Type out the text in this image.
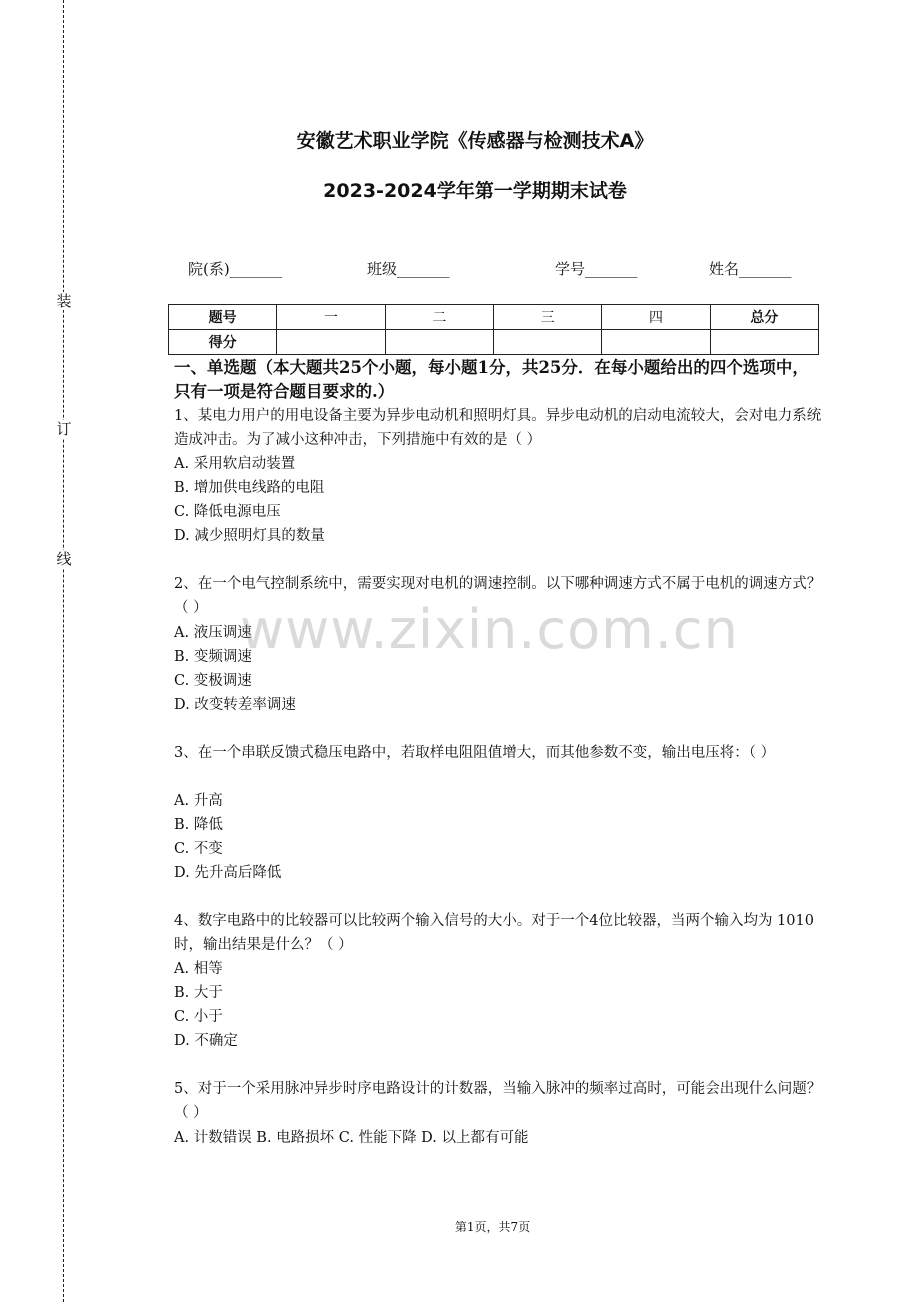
装
订
线
安徽艺术职业学院《传感器与检测技术A》
2023-2024学年第一学期期末试卷
院(系)_______	班级_______	学号_______	姓名_______
题号	一	二	三	四	总分
得分					
一、单选题（本大题共25个小题，每小题1分，共25分．在每小题给出的四个选项中，只有一项是符合题目要求的.）
1、某电力用户的用电设备主要为异步电动机和照明灯具。异步电动机的启动电流较大，会对电力系统造成冲击。为了减小这种冲击，下列措施中有效的是（ ）
A. 采用软启动装置
B. 增加供电线路的电阻
C. 降低电源电压
D. 减少照明灯具的数量
2、在一个电气控制系统中，需要实现对电机的调速控制。以下哪种调速方式不属于电机的调速方式？（ ）
A. 液压调速
B. 变频调速
C. 变极调速
D. 改变转差率调速
3、在一个串联反馈式稳压电路中，若取样电阻阻值增大，而其他参数不变，输出电压将：（ ）
A. 升高
B. 降低
C. 不变
D. 先升高后降低
4、数字电路中的比较器可以比较两个输入信号的大小。对于一个4位比较器，当两个输入均为 1010 时，输出结果是什么？（ ）
A. 相等
B. 大于
C. 小于
D. 不确定
5、对于一个采用脉冲异步时序电路设计的计数器，当输入脉冲的频率过高时，可能会出现什么问题？（ ）
A. 计数错误 B. 电路损坏 C. 性能下降 D. 以上都有可能
www.zixin.com.cn
第1页，共7页
